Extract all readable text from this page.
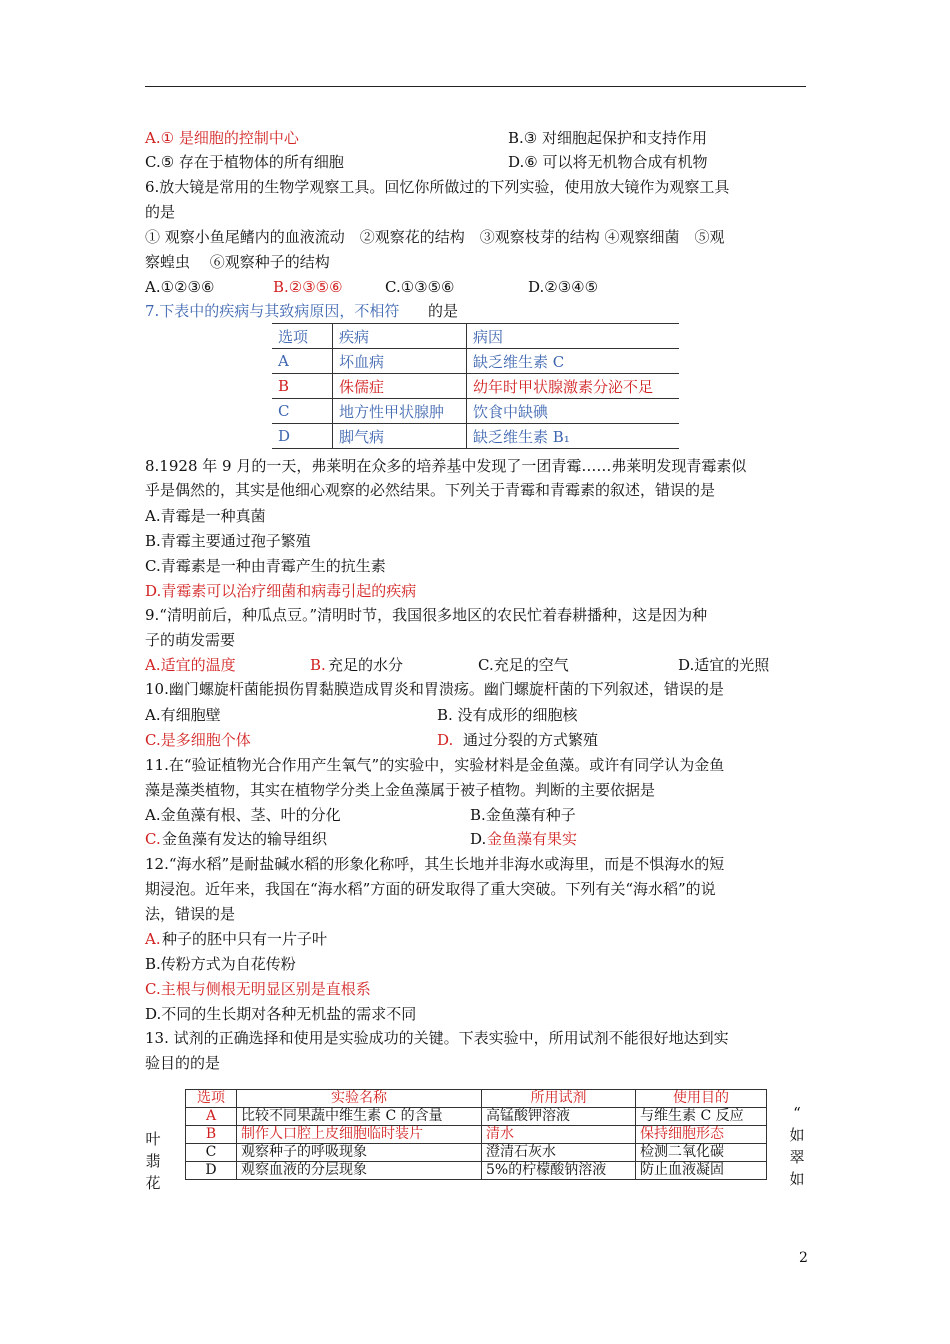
A.① 是细胞的控制中心	B.③ 对细胞起保护和支持作用
C.⑤ 存在于植物体的所有细胞	D.⑥ 可以将无机物合成有机物
6.放大镜是常用的生物学观察工具。回忆你所做过的下列实验，使用放大镜作为观察工具
的是
① 观察小鱼尾鳍内的血液流动　②观察花的结构　③观察枝芽的结构 ④观察细菌　⑤观
察蝗虫　 ⑥观察种子的结构
A.①②③⑥	B.②③⑤⑥	C.①③⑤⑥	D.②③④⑤
7.下表中的疾病与其致病原因，不相符 的是
8.1928 年 9 月的一天，弗莱明在众多的培养基中发现了一团青霉……弗莱明发现青霉素似
乎是偶然的，其实是他细心观察的必然结果。下列关于青霉和青霉素的叙述，错误的是
A.青霉是一种真菌
B.青霉主要通过孢子繁殖
C.青霉素是一种由青霉产生的抗生素
D.青霉素可以治疗细菌和病毒引起的疾病
9.“清明前后，种瓜点豆。”清明时节，我国很多地区的农民忙着春耕播种，这是因为种
子的萌发需要
A.适宜的温度	B. 充足的水分	C.充足的空气	D.适宜的光照
10.幽门螺旋杆菌能损伤胃黏膜造成胃炎和胃溃疡。幽门螺旋杆菌的下列叙述，错误的是
A.有细胞壁	B. 没有成形的细胞核
C.是多细胞个体	D. 通过分裂的方式繁殖
11.在“验证植物光合作用产生氧气”的实验中，实验材料是金鱼藻。或许有同学认为金鱼
藻是藻类植物，其实在植物学分类上金鱼藻属于被子植物。判断的主要依据是
A.金鱼藻有根、茎、叶的分化	B.金鱼藻有种子
C. 金鱼藻有发达的输导组织	D. 金鱼藻有果实
12.“海水稻”是耐盐碱水稻的形象化称呼，其生长地并非海水或海里，而是不惧海水的短
期浸泡。近年来，我国在“海水稻”方面的研发取得了重大突破。下列有关“海水稻”的说
法，错误的是
A. 种子的胚中只有一片子叶
B.传粉方式为自花传粉
C.主根与侧根无明显区别是直根系
D.不同的生长期对各种无机盐的需求不同
13. 试剂的正确选择和使用是实验成功的关键。下表实验中，所用试剂不能很好地达到实
验目的的是
选项	疾病	病因
A	坏血病	缺乏维生素 C
B	侏儒症	幼年时甲状腺激素分泌不足
C	地方性甲状腺肿	饮食中缺碘
D	脚气病	缺乏维生素 B₁
选项	实验名称	所用试剂	使用目的
A	比较不同果蔬中维生素 C 的含量	高锰酸钾溶液	与维生素 C 反应
B	制作人口腔上皮细胞临时装片	清水	保持细胞形态
C	观察种子的呼吸现象	澄清石灰水	检测二氧化碳
D	观察血液的分层现象	5%的柠檬酸钠溶液	防止血液凝固
叶
翡
花
“
如
翠
如
2
